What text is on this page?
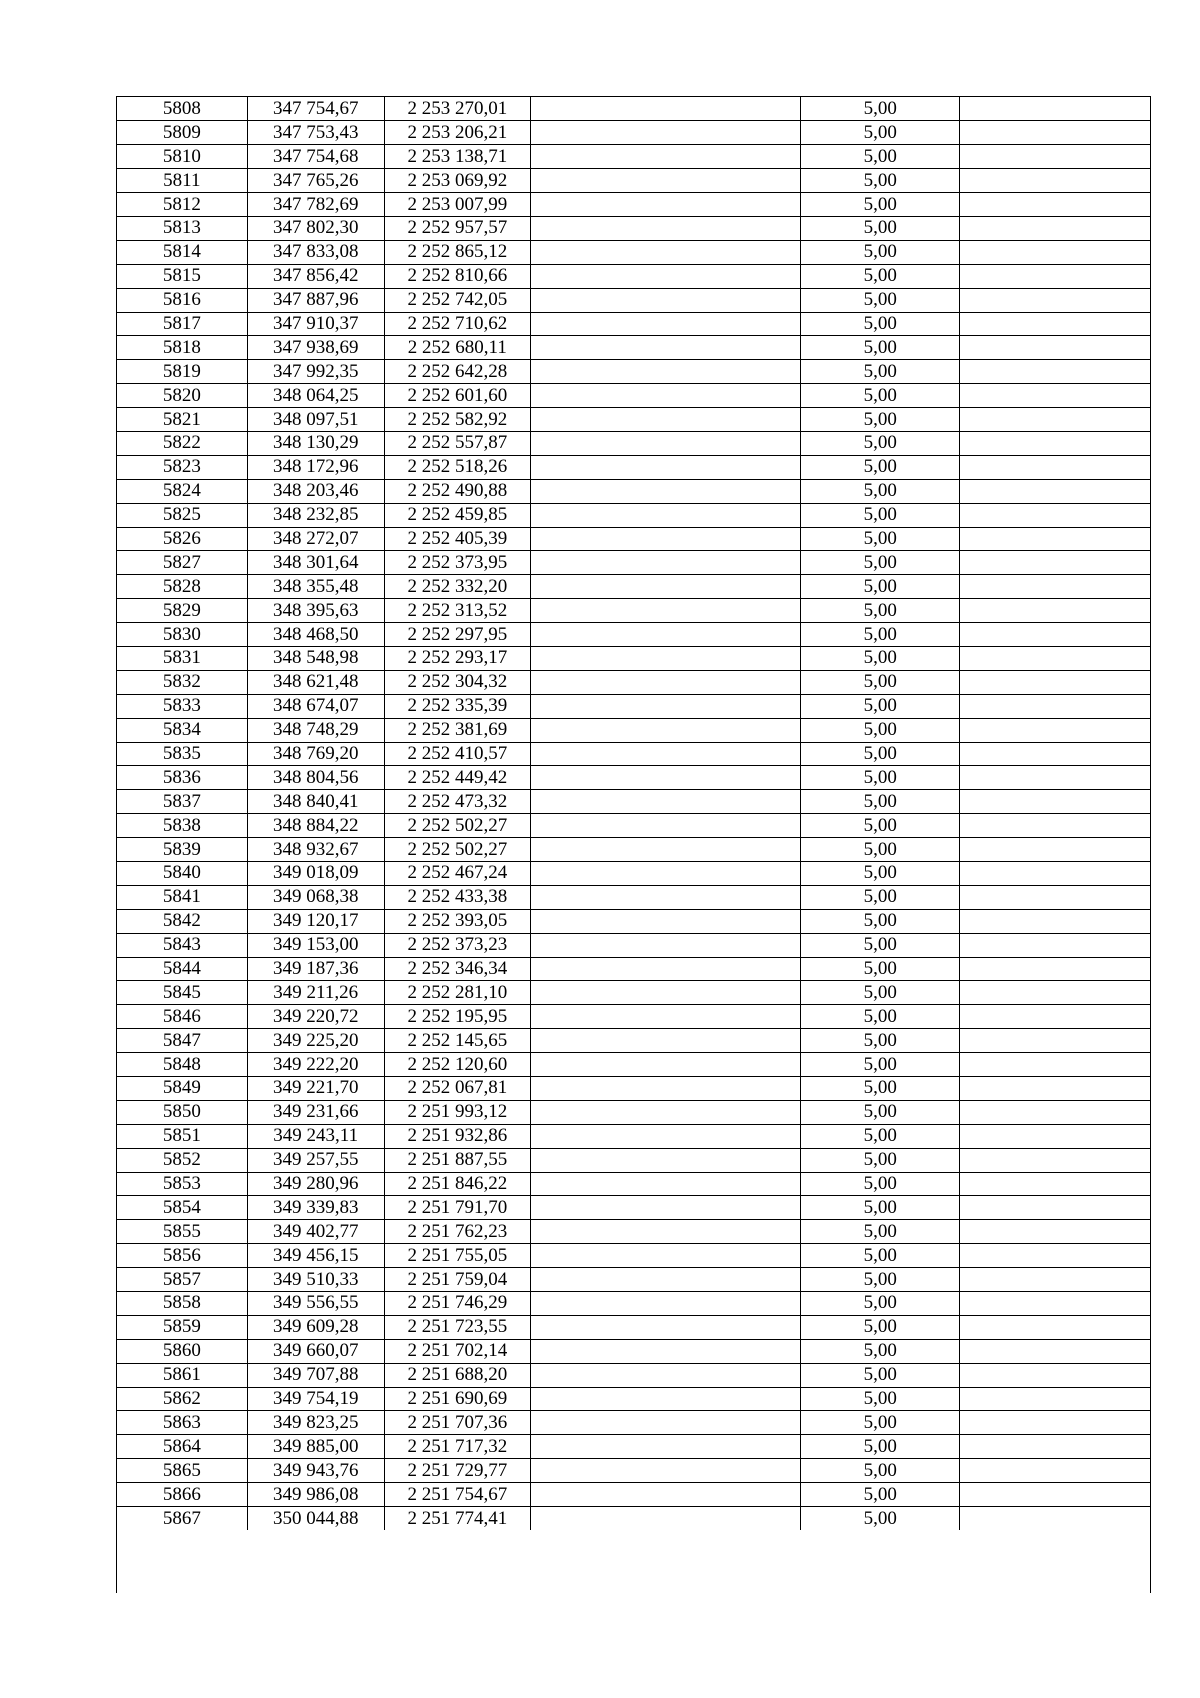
5808	347 754,67	2 253 270,01		5,00	
5809	347 753,43	2 253 206,21		5,00	
5810	347 754,68	2 253 138,71		5,00	
5811	347 765,26	2 253 069,92		5,00	
5812	347 782,69	2 253 007,99		5,00	
5813	347 802,30	2 252 957,57		5,00	
5814	347 833,08	2 252 865,12		5,00	
5815	347 856,42	2 252 810,66		5,00	
5816	347 887,96	2 252 742,05		5,00	
5817	347 910,37	2 252 710,62		5,00	
5818	347 938,69	2 252 680,11		5,00	
5819	347 992,35	2 252 642,28		5,00	
5820	348 064,25	2 252 601,60		5,00	
5821	348 097,51	2 252 582,92		5,00	
5822	348 130,29	2 252 557,87		5,00	
5823	348 172,96	2 252 518,26		5,00	
5824	348 203,46	2 252 490,88		5,00	
5825	348 232,85	2 252 459,85		5,00	
5826	348 272,07	2 252 405,39		5,00	
5827	348 301,64	2 252 373,95		5,00	
5828	348 355,48	2 252 332,20		5,00	
5829	348 395,63	2 252 313,52		5,00	
5830	348 468,50	2 252 297,95		5,00	
5831	348 548,98	2 252 293,17		5,00	
5832	348 621,48	2 252 304,32		5,00	
5833	348 674,07	2 252 335,39		5,00	
5834	348 748,29	2 252 381,69		5,00	
5835	348 769,20	2 252 410,57		5,00	
5836	348 804,56	2 252 449,42		5,00	
5837	348 840,41	2 252 473,32		5,00	
5838	348 884,22	2 252 502,27		5,00	
5839	348 932,67	2 252 502,27		5,00	
5840	349 018,09	2 252 467,24		5,00	
5841	349 068,38	2 252 433,38		5,00	
5842	349 120,17	2 252 393,05		5,00	
5843	349 153,00	2 252 373,23		5,00	
5844	349 187,36	2 252 346,34		5,00	
5845	349 211,26	2 252 281,10		5,00	
5846	349 220,72	2 252 195,95		5,00	
5847	349 225,20	2 252 145,65		5,00	
5848	349 222,20	2 252 120,60		5,00	
5849	349 221,70	2 252 067,81		5,00	
5850	349 231,66	2 251 993,12		5,00	
5851	349 243,11	2 251 932,86		5,00	
5852	349 257,55	2 251 887,55		5,00	
5853	349 280,96	2 251 846,22		5,00	
5854	349 339,83	2 251 791,70		5,00	
5855	349 402,77	2 251 762,23		5,00	
5856	349 456,15	2 251 755,05		5,00	
5857	349 510,33	2 251 759,04		5,00	
5858	349 556,55	2 251 746,29		5,00	
5859	349 609,28	2 251 723,55		5,00	
5860	349 660,07	2 251 702,14		5,00	
5861	349 707,88	2 251 688,20		5,00	
5862	349 754,19	2 251 690,69		5,00	
5863	349 823,25	2 251 707,36		5,00	
5864	349 885,00	2 251 717,32		5,00	
5865	349 943,76	2 251 729,77		5,00	
5866	349 986,08	2 251 754,67		5,00	
5867	350 044,88	2 251 774,41		5,00	
